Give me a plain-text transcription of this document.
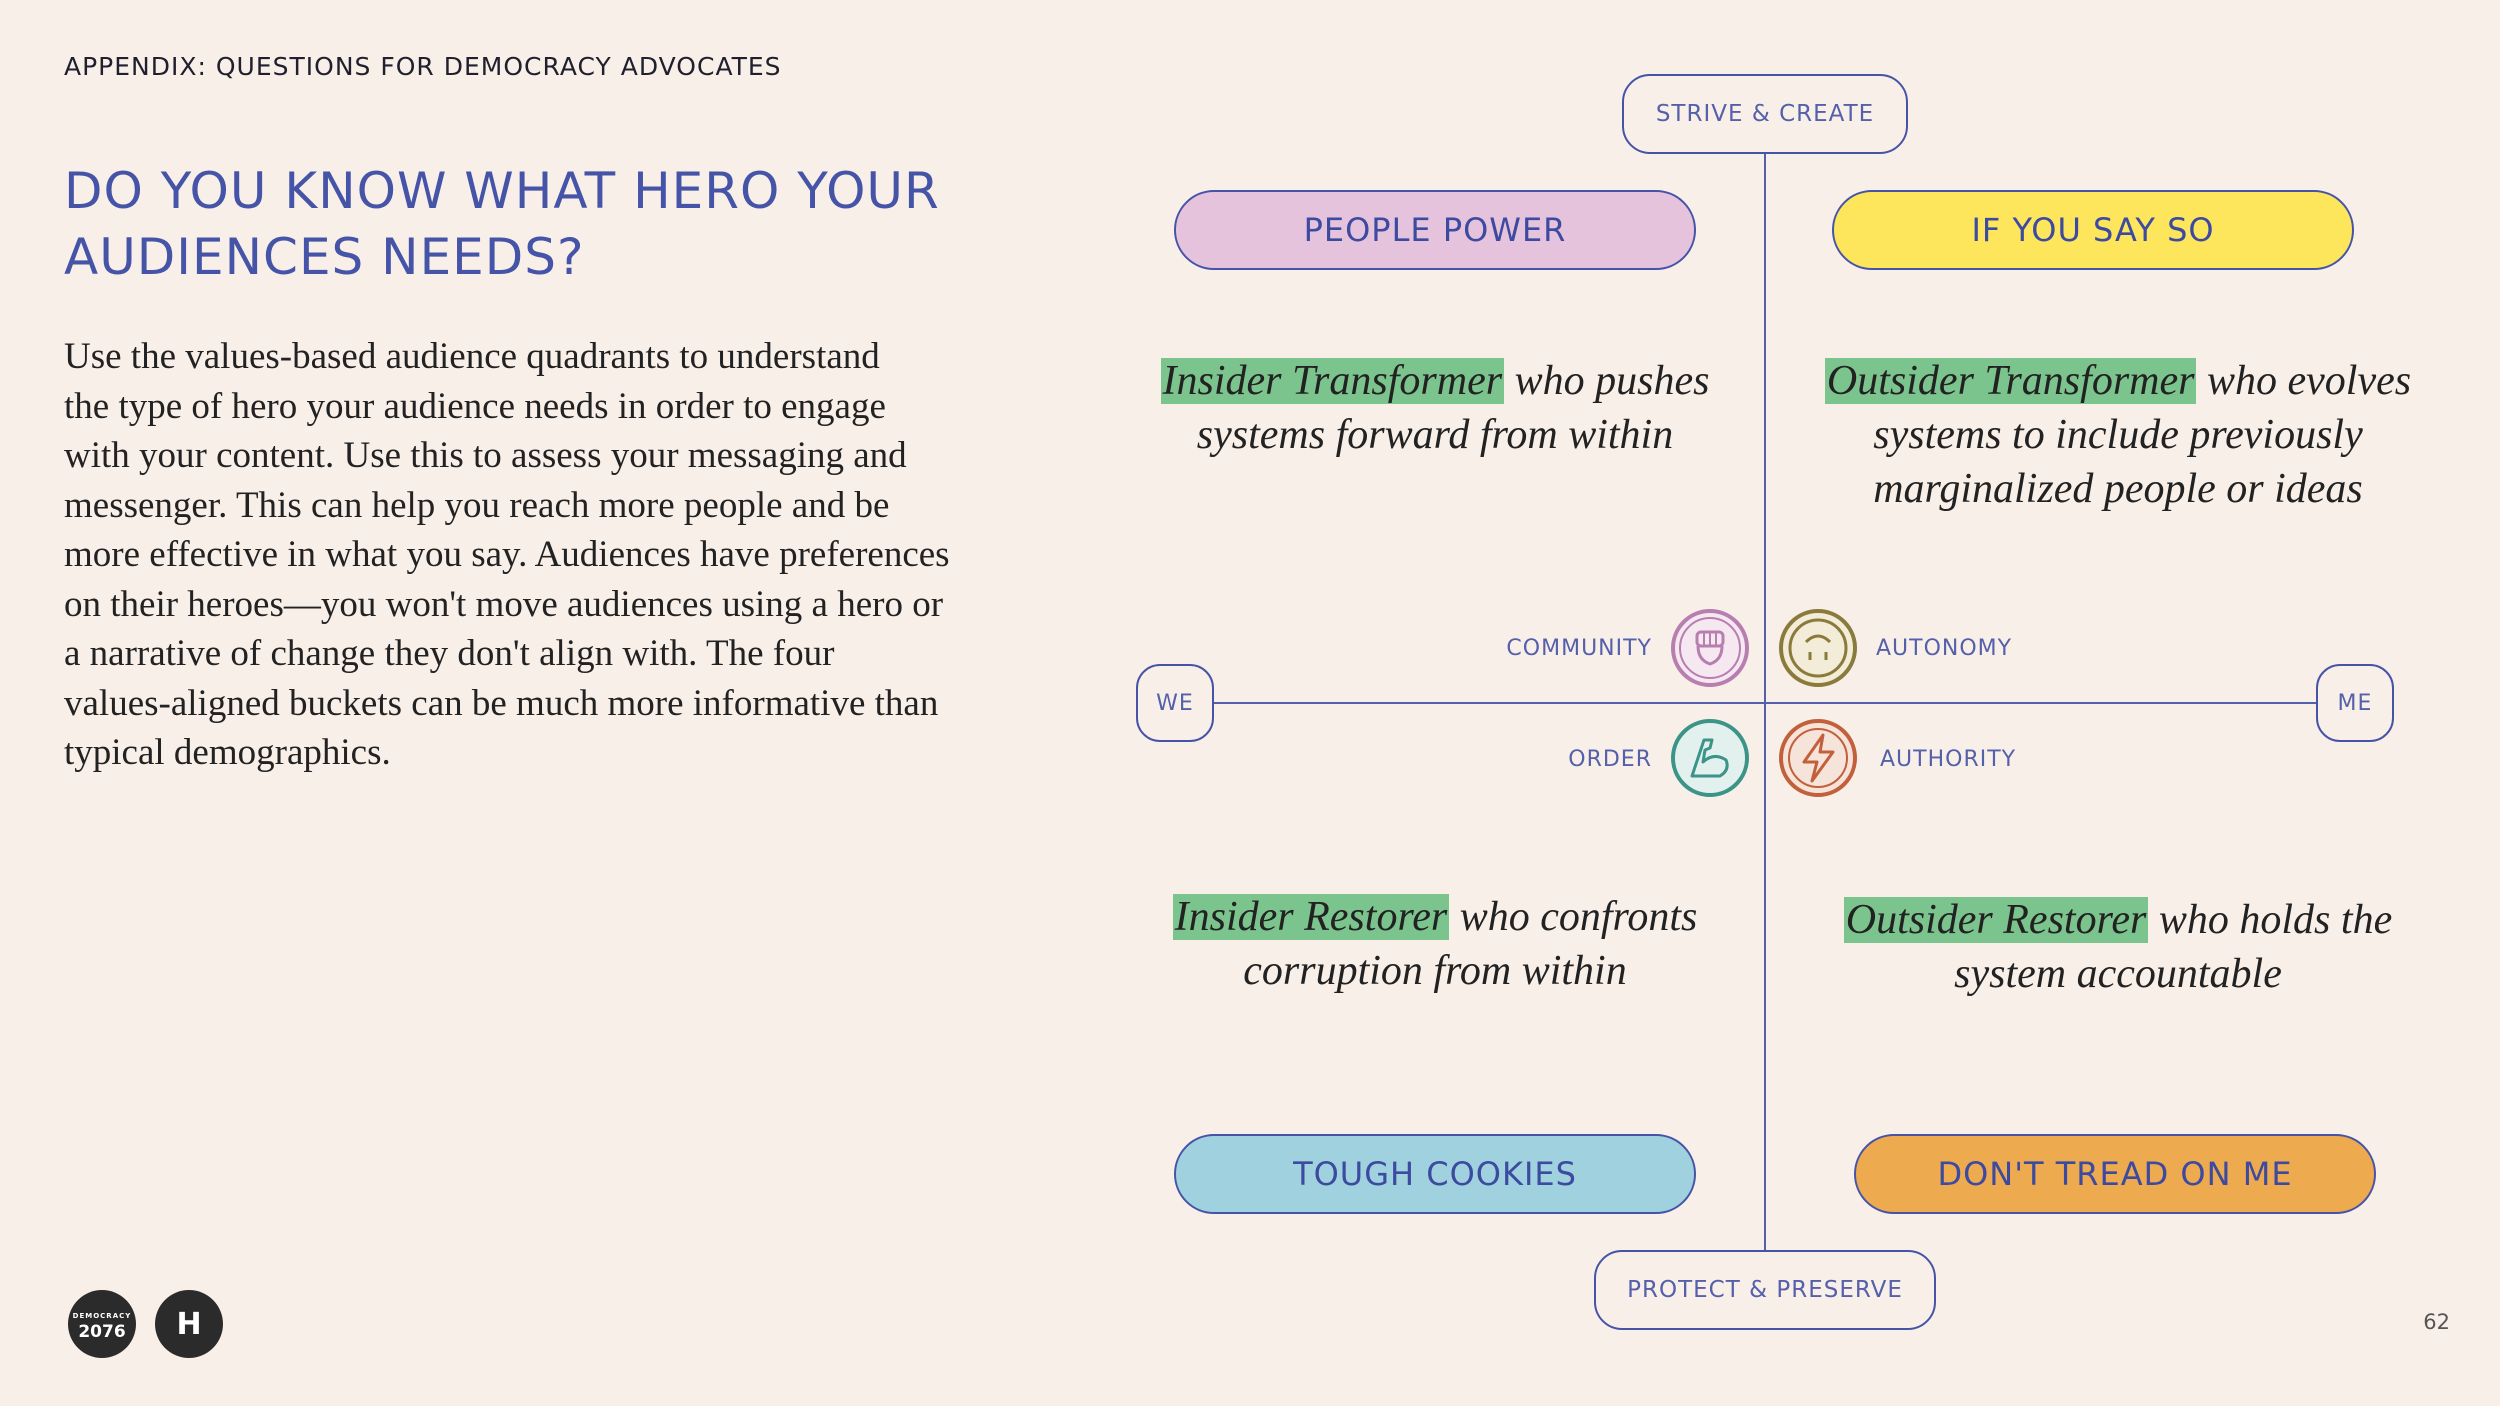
APPENDIX: QUESTIONS FOR DEMOCRACY ADVOCATES
DO YOU KNOW WHAT HERO YOUR
AUDIENCES NEEDS?

Use the values-based audience quadrants to understand
the type of hero your audience needs in order to engage
with your content. Use this to assess your messaging and
messenger. This can help you reach more people and be
more effective in what you say. Audiences have preferences
on their heroes—you won't move audiences using a hero or
a narrative of change they don't align with. The four
values-aligned buckets can be much more informative than
typical demographics.

STRIVE & CREATE
PROTECT & PRESERVE
WE	ME
PEOPLE POWER	IF YOU SAY SO
TOUGH COOKIES	DON'T TREAD ON ME
Insider Transformer who pushes
systems forward from within
Outsider Transformer who evolves
systems to include previously
marginalized people or ideas
Insider Restorer who confronts
corruption from within
Outsider Restorer who holds the
system accountable
COMMUNITY
ORDER
AUTONOMY
AUTHORITY
DEMOCRACY
2076	H	62
